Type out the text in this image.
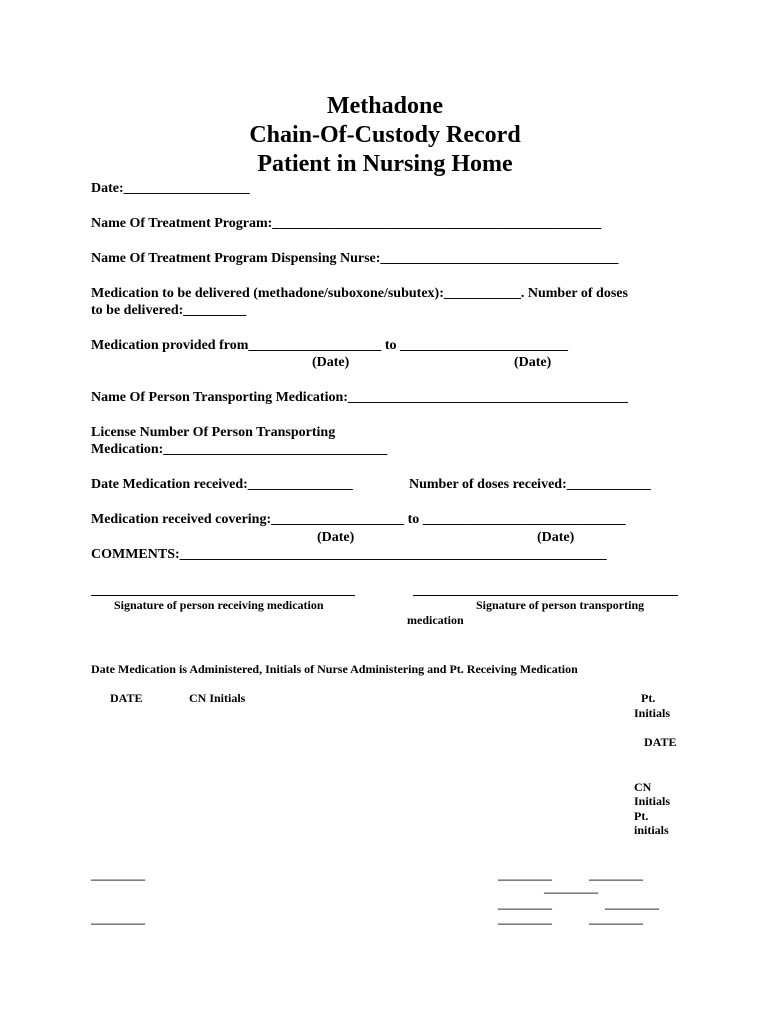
Methadone
Chain-Of-Custody Record
Patient in Nursing Home
Date:__________________
Name Of Treatment Program:_______________________________________________
Name Of Treatment Program Dispensing Nurse:__________________________________
Medication to be delivered (methadone/suboxone/subutex):___________. Number of doses
to be delivered:_________
Medication provided from___________________ to ________________________
(Date)	(Date)
Name Of Person Transporting Medication:________________________________________
License Number Of Person Transporting
Medication:________________________________
Date Medication received:_______________	Number of doses received:____________
Medication received covering:___________________ to _____________________________
(Date)	(Date)
COMMENTS:_____________________________________________________________
Signature of person receiving medication	Signature of person transporting
medication
Date Medication is Administered, Initials of Nurse Administering and Pt. Receiving Medication
DATE	CN Initials	Pt.
Initials
DATE
CN
Initials
Pt.
initials
_________	_________	_________
_________
_________	_________
_________	_________	_________
